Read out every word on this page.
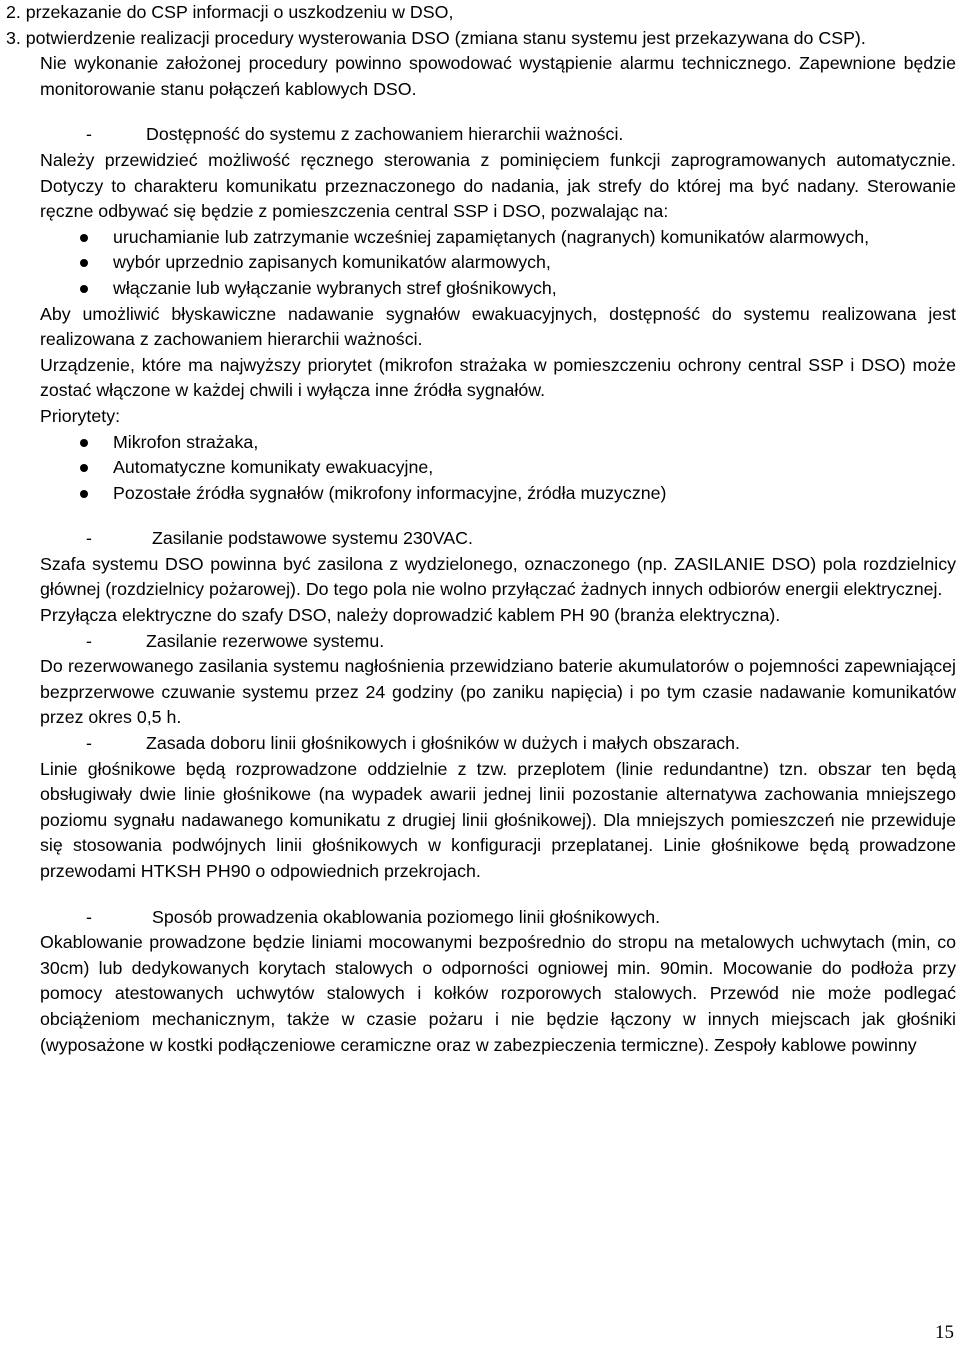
2. przekazanie do CSP informacji o uszkodzeniu w DSO,

3. potwierdzenie realizacji procedury wysterowania DSO (zmiana stanu systemu jest przekazywana do CSP).

Nie wykonanie założonej procedury powinno spowodować wystąpienie alarmu technicznego. Zapewnione będzie monitorowanie stanu połączeń kablowych DSO.

-	Dostępność do systemu z zachowaniem hierarchii ważności.

Należy przewidzieć możliwość ręcznego sterowania z pominięciem funkcji zaprogramowanych automatycznie. Dotyczy to charakteru komunikatu przeznaczonego do nadania, jak strefy do której ma być nadany. Sterowanie ręczne odbywać się będzie z pomieszczenia central SSP i DSO, pozwalając na:

uruchamianie lub zatrzymanie wcześniej zapamiętanych (nagranych) komunikatów alarmowych,
wybór uprzednio zapisanych komunikatów alarmowych,
włączanie lub wyłączanie wybranych stref głośnikowych,

Aby umożliwić błyskawiczne nadawanie sygnałów ewakuacyjnych, dostępność do systemu realizowana jest realizowana z zachowaniem hierarchii ważności.

Urządzenie, które ma najwyższy priorytet (mikrofon strażaka w pomieszczeniu ochrony central SSP i DSO) może zostać włączone w każdej chwili i wyłącza inne źródła sygnałów.

Priorytety:

Mikrofon strażaka,
Automatyczne komunikaty ewakuacyjne,
Pozostałe źródła sygnałów (mikrofony informacyjne, źródła muzyczne)
-	Zasilanie podstawowe systemu 230VAC.

Szafa systemu DSO powinna być zasilona z wydzielonego, oznaczonego (np. ZASILANIE DSO) pola rozdzielnicy głównej (rozdzielnicy pożarowej). Do tego pola nie wolno przyłączać żadnych innych odbiorów energii elektrycznej.

Przyłącza elektryczne do szafy DSO, należy doprowadzić kablem PH 90 (branża elektryczna).

-	Zasilanie rezerwowe systemu.

Do rezerwowanego zasilania systemu nagłośnienia przewidziano baterie akumulatorów o pojemności zapewniającej bezprzerwowe czuwanie systemu przez 24 godziny (po zaniku napięcia) i po tym czasie nadawanie komunikatów przez okres 0,5 h.

-	Zasada doboru linii głośnikowych i głośników w dużych i małych obszarach.

Linie głośnikowe będą rozprowadzone oddzielnie z tzw. przeplotem (linie redundantne) tzn. obszar ten będą obsługiwały dwie linie głośnikowe (na wypadek awarii jednej linii pozostanie alternatywa zachowania mniejszego poziomu sygnału nadawanego komunikatu z drugiej linii głośnikowej). Dla mniejszych pomieszczeń nie przewiduje się stosowania podwójnych linii głośnikowych w konfiguracji przeplatanej. Linie głośnikowe będą prowadzone przewodami HTKSH PH90 o odpowiednich przekrojach.

-	Sposób prowadzenia okablowania poziomego linii głośnikowych.

Okablowanie prowadzone będzie liniami mocowanymi bezpośrednio do stropu na metalowych uchwytach (min, co 30cm) lub dedykowanych korytach stalowych o odporności ogniowej min. 90min. Mocowanie do podłoża przy pomocy atestowanych uchwytów stalowych i kołków rozporowych stalowych. Przewód nie może podlegać obciążeniom mechanicznym, także w czasie pożaru i nie będzie łączony w innych miejscach jak głośniki (wyposażone w kostki podłączeniowe ceramiczne oraz w zabezpieczenia termiczne). Zespoły kablowe powinny

15
